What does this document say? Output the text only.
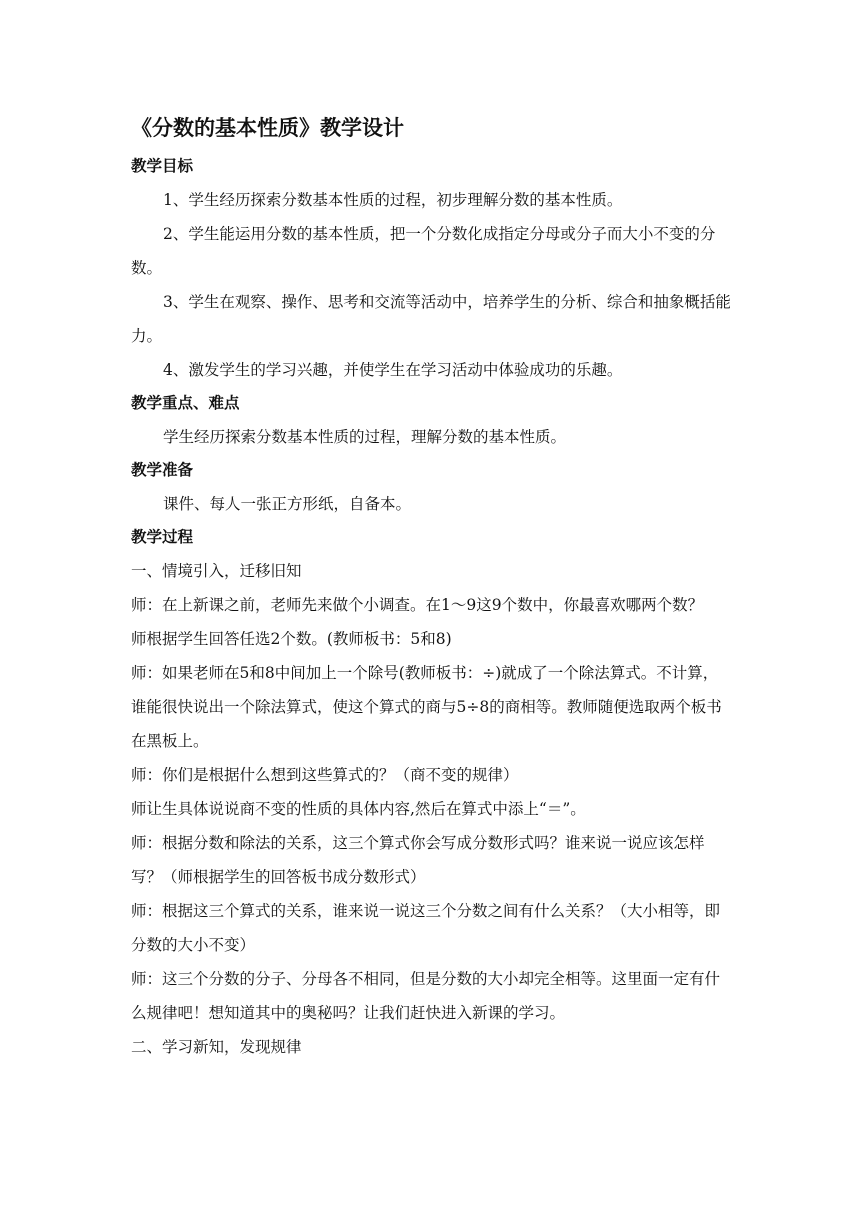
《分数的基本性质》教学设计
教学目标

1、学生经历探索分数基本性质的过程，初步理解分数的基本性质。

2、学生能运用分数的基本性质，把一个分数化成指定分母或分子而大小不变的分数。

3、学生在观察、操作、思考和交流等活动中，培养学生的分析、综合和抽象概括能力。

4、激发学生的学习兴趣，并使学生在学习活动中体验成功的乐趣。

教学重点、难点

学生经历探索分数基本性质的过程，理解分数的基本性质。

教学准备

课件、每人一张正方形纸，自备本。

教学过程

一、情境引入，迁移旧知

师：在上新课之前，老师先来做个小调查。在1～9这9个数中，你最喜欢哪两个数？

师根据学生回答任选2个数。(教师板书：5和8)

师：如果老师在5和8中间加上一个除号(教师板书：÷)就成了一个除法算式。不计算，谁能很快说出一个除法算式，使这个算式的商与5÷8的商相等。教师随便选取两个板书在黑板上。

师：你们是根据什么想到这些算式的？（商不变的规律）

师让生具体说说商不变的性质的具体内容,然后在算式中添上“＝”。

师：根据分数和除法的关系，这三个算式你会写成分数形式吗？谁来说一说应该怎样写？（师根据学生的回答板书成分数形式）

师：根据这三个算式的关系，谁来说一说这三个分数之间有什么关系？（大小相等，即分数的大小不变）

师：这三个分数的分子、分母各不相同，但是分数的大小却完全相等。这里面一定有什么规律吧！想知道其中的奥秘吗？让我们赶快进入新课的学习。

二、学习新知，发现规律
